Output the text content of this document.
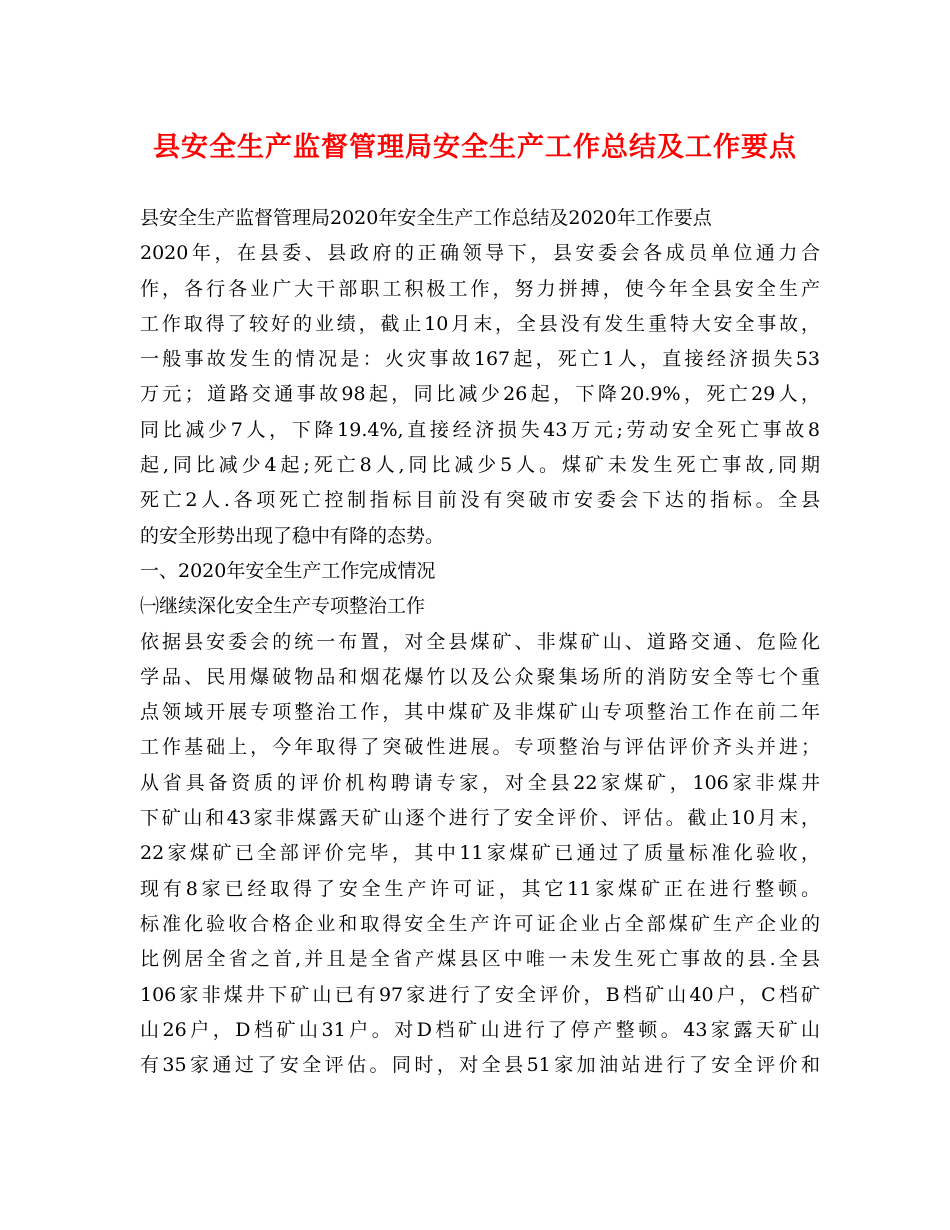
县安全生产监督管理局安全生产工作总结及工作要点
县安全生产监督管理局2020年安全生产工作总结及2020年工作要点
2020年，在县委、县政府的正确领导下，县安委会各成员单位通力合
作，各行各业广大干部职工积极工作，努力拼搏，使今年全县安全生产
工作取得了较好的业绩，截止10月末，全县没有发生重特大安全事故，
一般事故发生的情况是：火灾事故167起，死亡1人，直接经济损失53
万元；道路交通事故98起，同比减少26起，下降20.9%，死亡29人，
同比减少7人，下降19.4%,直接经济损失43万元;劳动安全死亡事故8
起,同比减少4起;死亡8人,同比减少5人。煤矿未发生死亡事故,同期
死亡2人.各项死亡控制指标目前没有突破市安委会下达的指标。全县
的安全形势出现了稳中有降的态势。
一、2020年安全生产工作完成情况
㈠继续深化安全生产专项整治工作
依据县安委会的统一布置，对全县煤矿、非煤矿山、道路交通、危险化
学品、民用爆破物品和烟花爆竹以及公众聚集场所的消防安全等七个重
点领域开展专项整治工作，其中煤矿及非煤矿山专项整治工作在前二年
工作基础上，今年取得了突破性进展。专项整治与评估评价齐头并进；
从省具备资质的评价机构聘请专家，对全县22家煤矿，106家非煤井
下矿山和43家非煤露天矿山逐个进行了安全评价、评估。截止10月末，
22家煤矿已全部评价完毕，其中11家煤矿已通过了质量标准化验收，
现有8家已经取得了安全生产许可证，其它11家煤矿正在进行整顿。
标准化验收合格企业和取得安全生产许可证企业占全部煤矿生产企业的
比例居全省之首,并且是全省产煤县区中唯一未发生死亡事故的县.全县
106家非煤井下矿山已有97家进行了安全评价，B档矿山40户，C档矿
山26户，D档矿山31户。对D档矿山进行了停产整顿。43家露天矿山
有35家通过了安全评估。同时，对全县51家加油站进行了安全评价和
